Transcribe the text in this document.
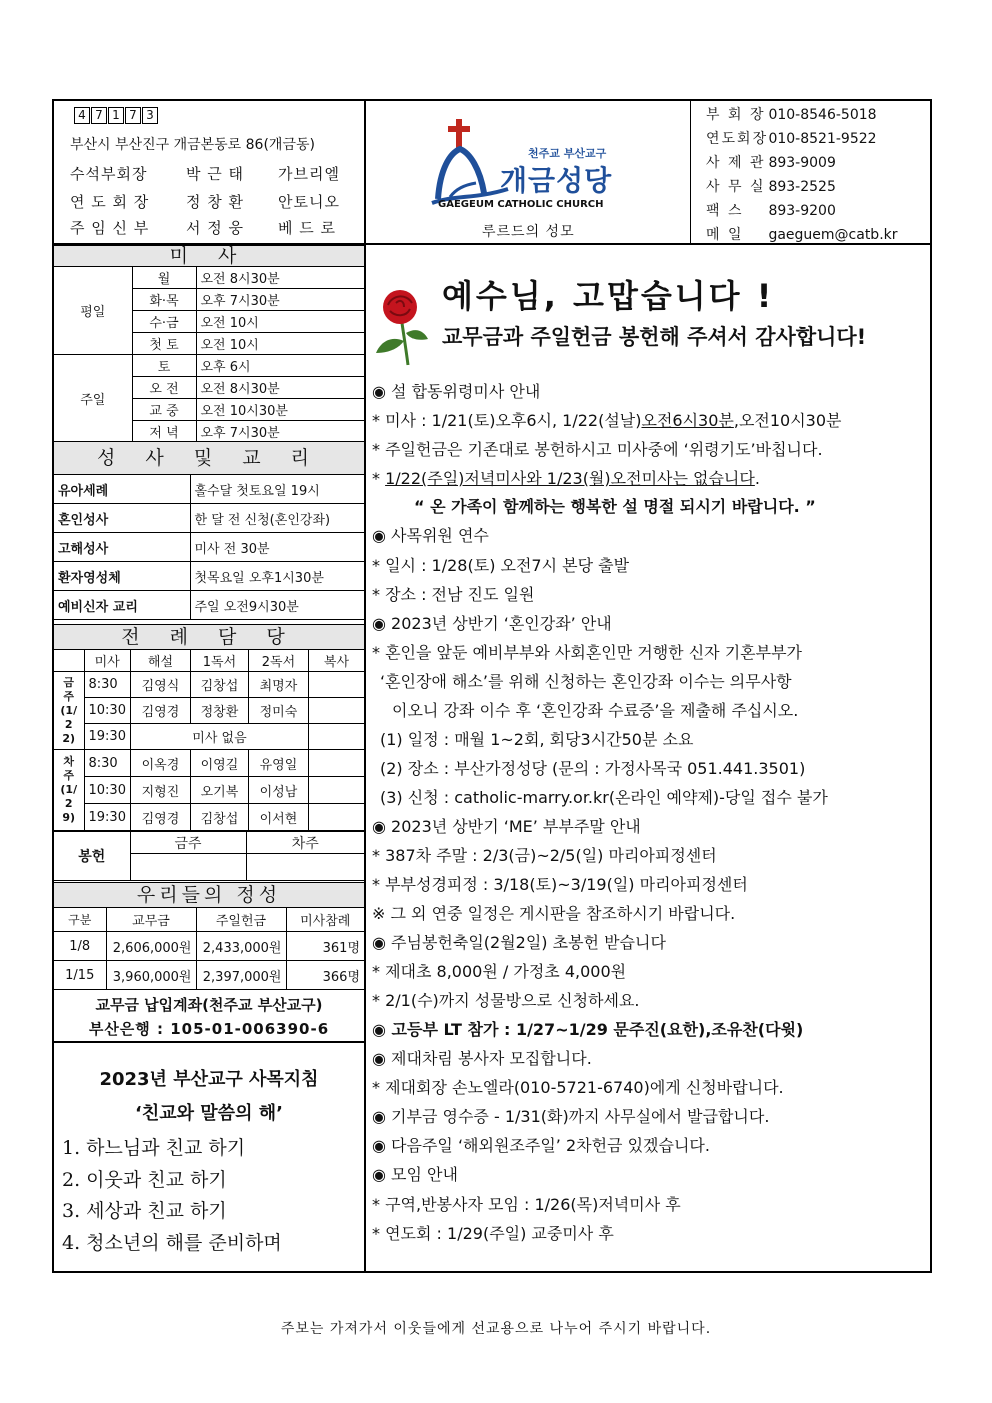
4 7 1 7 3
부산시 부산진구 개금본동로 86(개금동)
수석부회장	박 근 태 가브리엘
연 도 회 장 정 창 환 안토니오
주 임 신 부 서 정 웅 베 드 로
천주교 부산교구
개금성당
GAEGEUM CATHOLIC CHURCH
루르드의 성모
부 회 장 010-8546-5018
연도회장 010-8521-9522
사 제 관 893-9009
사 무 실 893-2525
팩 스 893-9200
메 일 gaeguem@catb.kr
미 사
평일	월	오전 8시30분
	화·목	오후 7시30분
	수·금	오전 10시
	첫 토	오전 10시
주일	토	오후 6시
	오 전	오전 8시30분
	교 중	오전 10시30분
	저 녁	오후 7시30분
성 사 및 교 리
유아세례	홀수달 첫토요일 19시
혼인성사	한 달 전 신청(혼인강좌)
고해성사	미사 전 30분
환자영성체	첫목요일 오후1시30분
예비신자 교리	주일 오전9시30분
전 례 담 당
	미사	해설	1독서	2독서	복사
금주(1/22)	8:30	김영식	김창섭	최명자	
	10:30	김영경	정창환	정미숙	
	19:30	미사 없음			
차주(1/29)	8:30	이옥경	이영길	유영일	
	10:30	지형진	오기복	이성남	
	19:30	김영경	김창섭	이서현	
봉헌	금주	차주

우리들의 정성
구분	교무금	주일헌금	미사참례
1/8	2,606,000원	2,433,000원	361명
1/15	3,960,000원	2,397,000원	366명
교무금 납입계좌(천주교 부산교구)
부산은행 : 105-01-006390-6
2023년 부산교구 사목지침
‘친교와 말씀의 해’
1. 하느님과 친교 하기
2. 이웃과 친교 하기
3. 세상과 친교 하기
4. 청소년의 해를 준비하며
예수님, 고맙습니다 !
교무금과 주일헌금 봉헌해 주셔서 감사합니다!
◉ 설 합동위령미사 안내
* 미사 : 1/21(토)오후6시, 1/22(설날)오전6시30분,오전10시30분
* 주일헌금은 기존대로 봉헌하시고 미사중에 ‘위령기도’바칩니다.
* 1/22(주일)저녁미사와 1/23(월)오전미사는 없습니다.
“ 온 가족이 함께하는 행복한 설 명절 되시기 바랍니다. ”
◉ 사목위원 연수
* 일시 : 1/28(토) 오전7시 본당 출발
* 장소 : 전남 진도 일원
◉ 2023년 상반기 ‘혼인강좌’ 안내
* 혼인을 앞둔 예비부부와 사회혼인만 거행한 신자 기혼부부가
‘혼인장애 해소’를 위해 신청하는 혼인강좌 이수는 의무사항
이오니 강좌 이수 후 ‘혼인강좌 수료증’을 제출해 주십시오.
(1) 일정 : 매월 1~2회, 회당3시간50분 소요
(2) 장소 : 부산가정성당 (문의 : 가정사목국 051.441.3501)
(3) 신청 : catholic-marry.or.kr(온라인 예약제)-당일 접수 불가
◉ 2023년 상반기 ‘ME’ 부부주말 안내
* 387차 주말 : 2/3(금)~2/5(일) 마리아피정센터
* 부부성경피정 : 3/18(토)~3/19(일) 마리아피정센터
※ 그 외 연중 일정은 게시판을 참조하시기 바랍니다.
◉ 주님봉헌축일(2월2일) 초봉헌 받습니다
* 제대초 8,000원 / 가정초 4,000원
* 2/1(수)까지 성물방으로 신청하세요.
◉ 고등부 LT 참가 : 1/27~1/29 문주진(요한),조유찬(다윗)
◉ 제대차림 봉사자 모집합니다.
* 제대회장 손노엘라(010-5721-6740)에게 신청바랍니다.
◉ 기부금 영수증 - 1/31(화)까지 사무실에서 발급합니다.
◉ 다음주일 ‘해외원조주일’ 2차헌금 있겠습니다.
◉ 모임 안내
* 구역,반봉사자 모임 : 1/26(목)저녁미사 후
* 연도회 : 1/29(주일) 교중미사 후
주보는 가져가서 이웃들에게 선교용으로 나누어 주시기 바랍니다.
